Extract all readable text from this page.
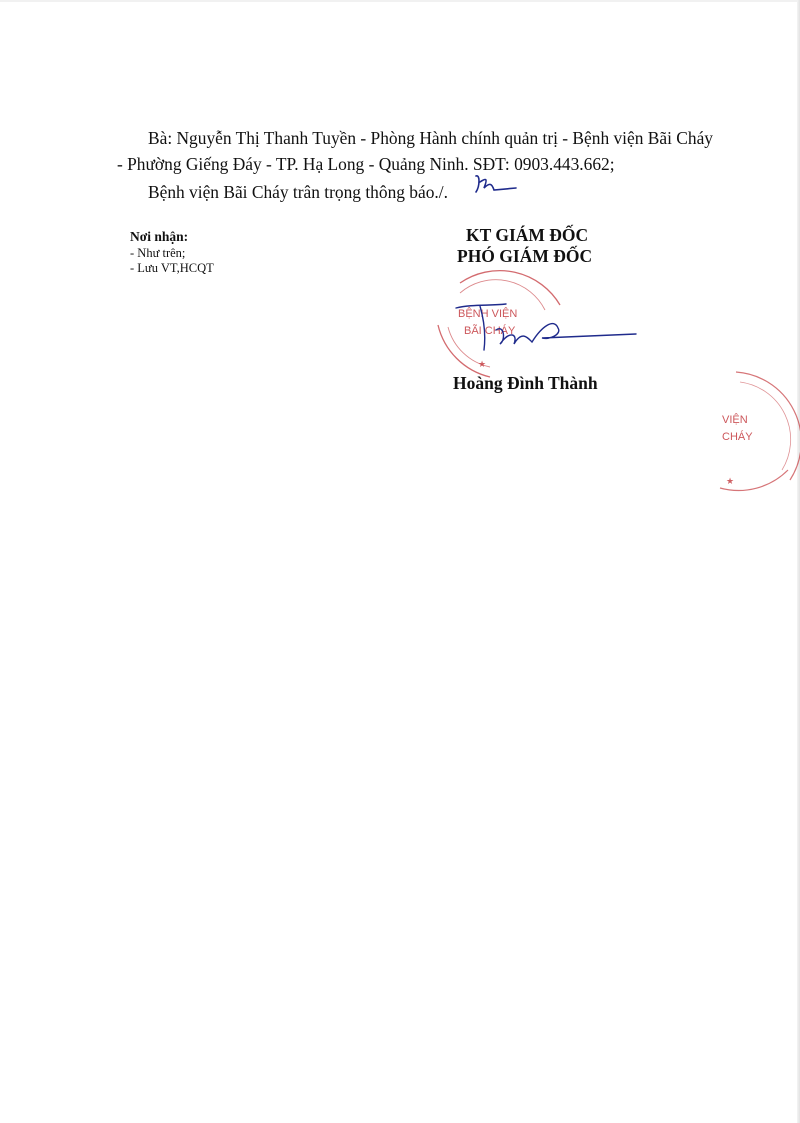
Bà: Nguyễn Thị Thanh Tuyền - Phòng Hành chính quản trị - Bệnh viện Bãi Cháy
- Phường Giếng Đáy - TP. Hạ Long - Quảng Ninh. SĐT: 0903.443.662;
Bệnh viện Bãi Cháy trân trọng thông báo./.
Nơi nhận:
- Như trên;
- Lưu VT,HCQT
KT GIÁM ĐỐC
PHÓ GIÁM ĐỐC
BỆNH VIỆN
BÃI CHÁY
★
Hoàng Đình Thành
VIỆN
CHÁY
★
